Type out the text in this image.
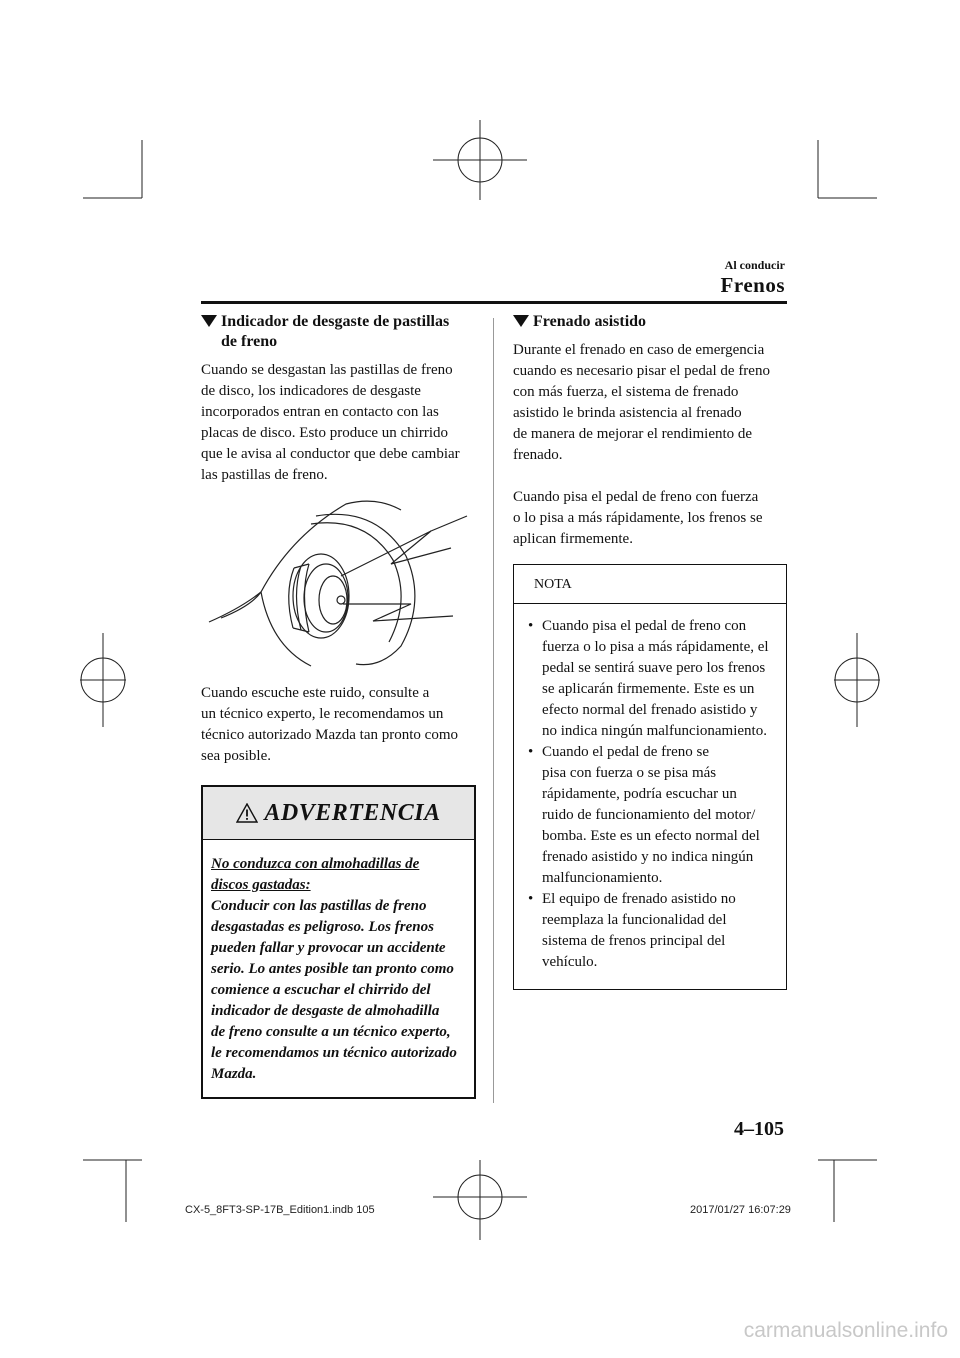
Al conducir
Frenos
Indicador de desgaste de pastillas
de freno
Cuando se desgastan las pastillas de freno
de disco, los indicadores de desgaste
incorporados entran en contacto con las
placas de disco. Esto produce un chirrido
que le avisa al conductor que debe cambiar
las pastillas de freno.
Cuando escuche este ruido, consulte a
un técnico experto, le recomendamos un
técnico autorizado Mazda tan pronto como
sea posible.
ADVERTENCIA
No conduzca con almohadillas de
discos gastadas:
Conducir con las pastillas de freno
desgastadas es peligroso. Los frenos
pueden fallar y provocar un accidente
serio. Lo antes posible tan pronto como
comience a escuchar el chirrido del
indicador de desgaste de almohadilla
de freno consulte a un técnico experto,
le recomendamos un técnico autorizado
Mazda.
Frenado asistido
Durante el frenado en caso de emergencia
cuando es necesario pisar el pedal de freno
con más fuerza, el sistema de frenado
asistido le brinda asistencia al frenado
de manera de mejorar el rendimiento de
frenado.
Cuando pisa el pedal de freno con fuerza
o lo pisa a más rápidamente, los frenos se
aplican firmemente.
NOTA
• Cuando pisa el pedal de freno con
fuerza o lo pisa a más rápidamente, el
pedal se sentirá suave pero los frenos
se aplicarán firmemente. Este es un
efecto normal del frenado asistido y
no indica ningún malfuncionamiento.
• Cuando el pedal de freno se
pisa con fuerza o se pisa más
rápidamente, podría escuchar un
ruido de funcionamiento del motor/
bomba. Este es un efecto normal del
frenado asistido y no indica ningún
malfuncionamiento.
• El equipo de frenado asistido no
reemplaza la funcionalidad del
sistema de frenos principal del
vehículo.
4–105
CX-5_8FT3-SP-17B_Edition1.indb 105	2017/01/27 16:07:29
carmanualsonline.info
